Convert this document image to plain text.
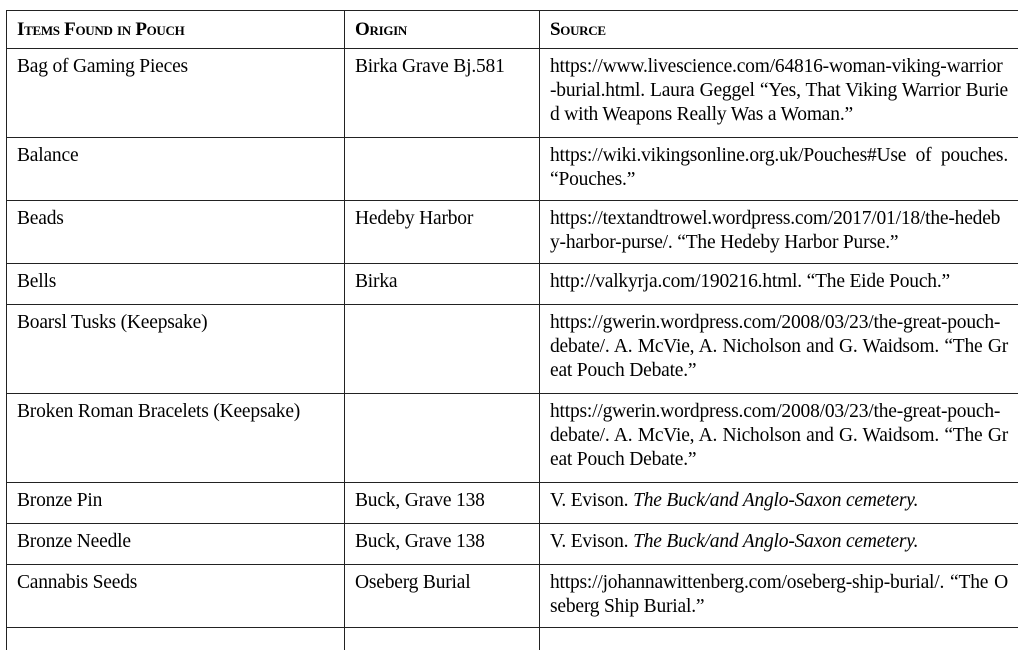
Items Found in Pouch	Origin	Source
Bag of Gaming Pieces	Birka Grave Bj.581	https://www.livescience.com/64816-woman-viking-warrior-burial.html. Laura Geggel “Yes, That Viking Warrior Buried with Weapons Really Was a Woman.”
Balance		https://wiki.vikingsonline.org.uk/Pouches#Use of pouches. “Pouches.”
Beads	Hedeby Harbor	https://textandtrowel.wordpress.com/2017/01/18/the-hedeby-harbor-purse/. “The Hedeby Harbor Purse.”
Bells	Birka	http://valkyrja.com/190216.html. “The Eide Pouch.”
Boarsl Tusks (Keepsake)		https://gwerin.wordpress.com/2008/03/23/the-great-pouch-debate/. A. McVie, A. Nicholson and G. Waidsom. “The Great Pouch Debate.”
Broken Roman Bracelets (Keepsake)		https://gwerin.wordpress.com/2008/03/23/the-great-pouch-debate/. A. McVie, A. Nicholson and G. Waidsom. “The Great Pouch Debate.”
Bronze Pin	Buck, Grave 138	V. Evison. The Buck/and Anglo-Saxon cemetery.
Bronze Needle	Buck, Grave 138	V. Evison. The Buck/and Anglo-Saxon cemetery.
Cannabis Seeds	Oseberg Burial	https://johannawittenberg.com/oseberg-ship-burial/. “The Oseberg Ship Burial.”
